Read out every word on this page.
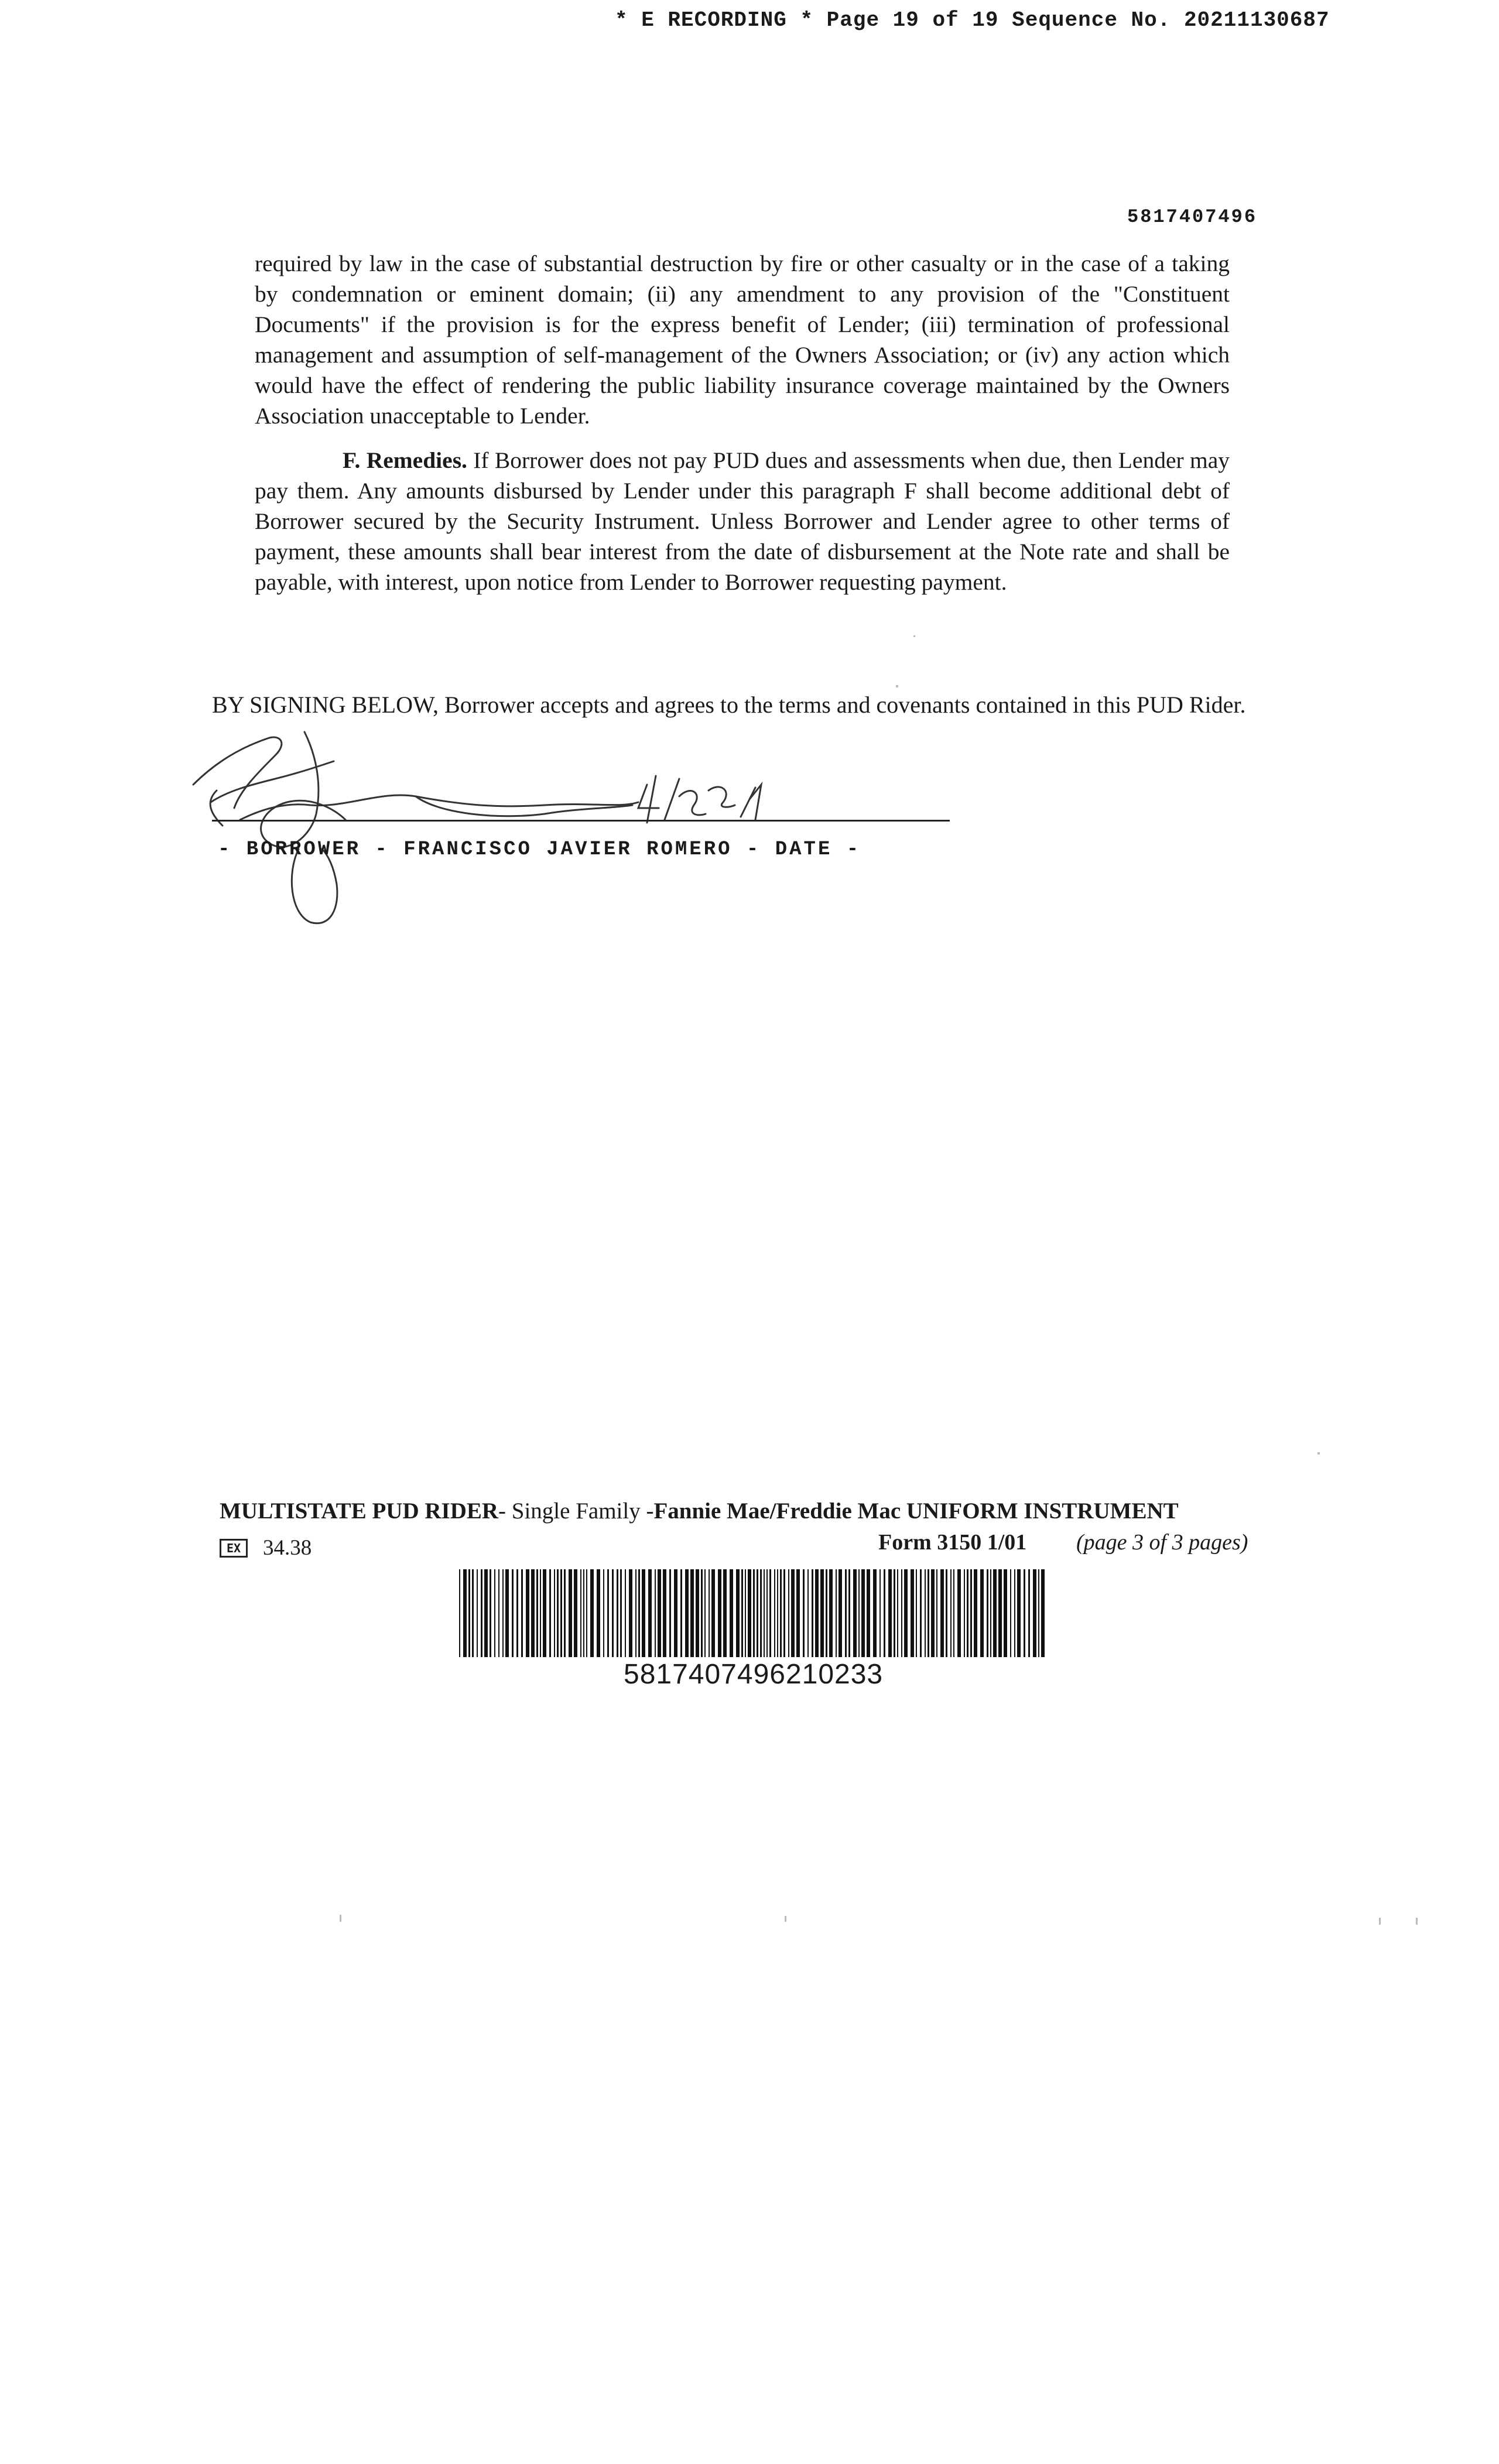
* E RECORDING * Page 19 of 19 Sequence No. 20211130687
5817407496
required by law in the case of substantial destruction by fire or other casualty or in the case of a taking by condemnation or eminent domain; (ii) any amendment to any provision of the "Constituent Documents" if the provision is for the express benefit of Lender; (iii) termination of professional management and assumption of self-management of the Owners Association; or (iv) any action which would have the effect of rendering the public liability insurance coverage maintained by the Owners Association unacceptable to Lender.
F. Remedies. If Borrower does not pay PUD dues and assessments when due, then Lender may pay them. Any amounts disbursed by Lender under this paragraph F shall become additional debt of Borrower secured by the Security Instrument. Unless Borrower and Lender agree to other terms of payment, these amounts shall bear interest from the date of disbursement at the Note rate and shall be payable, with interest, upon notice from Lender to Borrower requesting payment.
BY SIGNING BELOW, Borrower accepts and agrees to the terms and covenants contained in this PUD Rider.
- BORROWER - FRANCISCO JAVIER ROMERO - DATE -
MULTISTATE PUD RIDER- Single Family -Fannie Mae/Freddie Mac UNIFORM INSTRUMENT
EX	34.38	Form 3150 1/01 (page 3 of 3 pages)
5817407496210233
